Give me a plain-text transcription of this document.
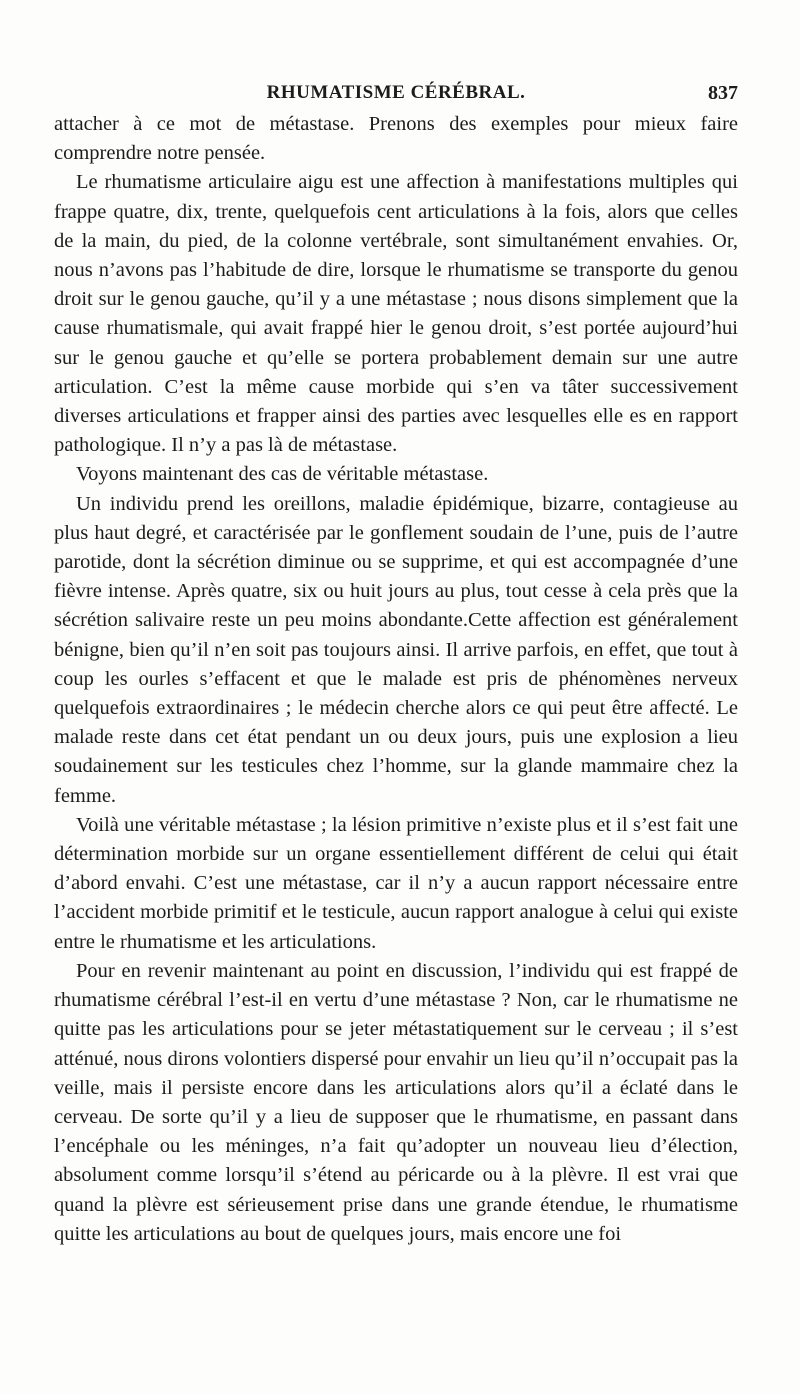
RHUMATISME CÉRÉBRAL.	837

attacher à ce mot de métastase. Prenons des exemples pour mieux faire comprendre notre pensée.

Le rhumatisme articulaire aigu est une affection à manifestations multiples qui frappe quatre, dix, trente, quelquefois cent articulations à la fois, alors que celles de la main, du pied, de la colonne vertébrale, sont simultanément envahies. Or, nous n’avons pas l’habitude de dire, lorsque le rhumatisme se transporte du genou droit sur le genou gauche, qu’il y a une métastase ; nous disons simplement que la cause rhumatismale, qui avait frappé hier le genou droit, s’est portée aujourd’hui sur le genou gauche et qu’elle se portera probablement demain sur une autre articulation. C’est la même cause morbide qui s’en va tâter successivement diverses articulations et frapper ainsi des parties avec lesquelles elle es en rapport pathologique. Il n’y a pas là de métastase.

Voyons maintenant des cas de véritable métastase.

Un individu prend les oreillons, maladie épidémique, bizarre, contagieuse au plus haut degré, et caractérisée par le gonflement soudain de l’une, puis de l’autre parotide, dont la sécrétion diminue ou se supprime, et qui est accompagnée d’une fièvre intense. Après quatre, six ou huit jours au plus, tout cesse à cela près que la sécrétion salivaire reste un peu moins abondante.Cette affection est généralement bénigne, bien qu’il n’en soit pas toujours ainsi. Il arrive parfois, en effet, que tout à coup les ourles s’effacent et que le malade est pris de phénomènes nerveux quelquefois extraordinaires ; le médecin cherche alors ce qui peut être affecté. Le malade reste dans cet état pendant un ou deux jours, puis une explosion a lieu soudainement sur les testicules chez l’homme, sur la glande mammaire chez la femme.

Voilà une véritable métastase ; la lésion primitive n’existe plus et il s’est fait une détermination morbide sur un organe essentiellement différent de celui qui était d’abord envahi. C’est une métastase, car il n’y a aucun rapport nécessaire entre l’accident morbide primitif et le testicule, aucun rapport analogue à celui qui existe entre le rhumatisme et les articulations.

Pour en revenir maintenant au point en discussion, l’individu qui est frappé de rhumatisme cérébral l’est-il en vertu d’une métastase ? Non, car le rhumatisme ne quitte pas les articulations pour se jeter métastatiquement sur le cerveau ; il s’est atténué, nous dirons volontiers dispersé pour envahir un lieu qu’il n’occupait pas la veille, mais il persiste encore dans les articulations alors qu’il a éclaté dans le cerveau. De sorte qu’il y a lieu de supposer que le rhumatisme, en passant dans l’encéphale ou les méninges, n’a fait qu’adopter un nouveau lieu d’élection, absolument comme lorsqu’il s’étend au péricarde ou à la plèvre. Il est vrai que quand la plèvre est sérieusement prise dans une grande étendue, le rhumatisme quitte les articulations au bout de quelques jours, mais encore une foi
